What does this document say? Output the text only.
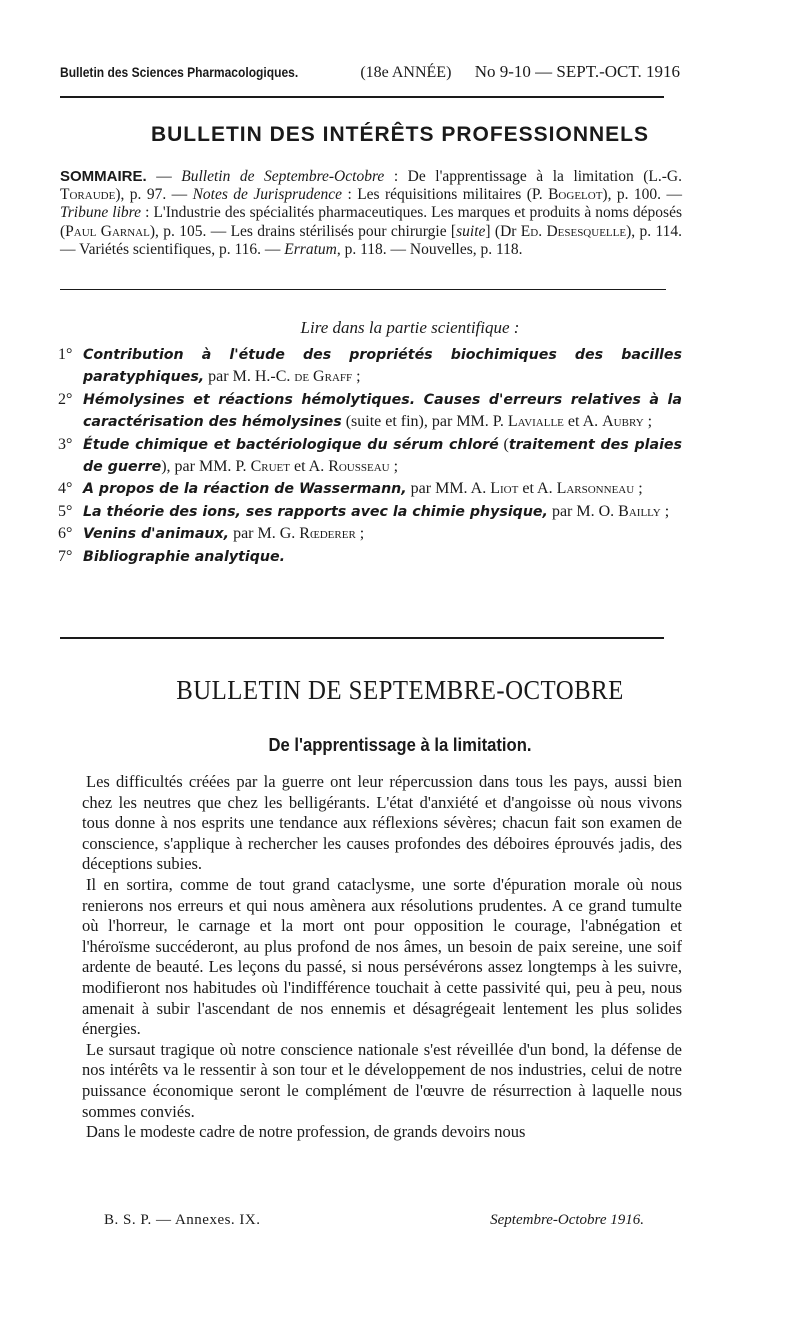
Bulletin des Sciences Pharmacologiques.	(18e ANNÉE) No 9-10 — SEPT.-OCT. 1916
BULLETIN DES INTÉRÊTS PROFESSIONNELS
SOMMAIRE. — Bulletin de Septembre-Octobre : De l'apprentissage à la limitation (L.-G. Toraude), p. 97. — Notes de Jurisprudence : Les réquisitions militaires (P. Bogelot), p. 100. — Tribune libre : L'Industrie des spécialités pharmaceutiques. Les marques et produits à noms déposés (Paul Garnal), p. 105. — Les drains stérilisés pour chirurgie [suite] (Dr Ed. Desesquelle), p. 114. — Variétés scientifiques, p. 116. — Erratum, p. 118. — Nouvelles, p. 118.
Lire dans la partie scientifique :
1° Contribution à l'étude des propriétés biochimiques des bacilles paratyphiques, par M. H.-C. de Graff ;
2° Hémolysines et réactions hémolytiques. Causes d'erreurs relatives à la caractérisation des hémolysines (suite et fin), par MM. P. Lavialle et A. Aubry ;
3° Étude chimique et bactériologique du sérum chloré (traitement des plaies de guerre), par MM. P. Cruet et A. Rousseau ;
4° A propos de la réaction de Wassermann, par MM. A. Liot et A. Larsonneau ;
5° La théorie des ions, ses rapports avec la chimie physique, par M. O. Bailly ;
6° Venins d'animaux, par M. G. Rœderer ;
7° Bibliographie analytique.
BULLETIN DE SEPTEMBRE-OCTOBRE
De l'apprentissage à la limitation.

Les difficultés créées par la guerre ont leur répercussion dans tous les pays, aussi bien chez les neutres que chez les belligérants. L'état d'anxiété et d'angoisse où nous vivons tous donne à nos esprits une tendance aux réflexions sévères; chacun fait son examen de conscience, s'applique à rechercher les causes profondes des déboires éprouvés jadis, des déceptions subies.

Il en sortira, comme de tout grand cataclysme, une sorte d'épuration morale où nous renierons nos erreurs et qui nous amènera aux résolutions prudentes. A ce grand tumulte où l'horreur, le carnage et la mort ont pour opposition le courage, l'abnégation et l'héroïsme succéderont, au plus profond de nos âmes, un besoin de paix sereine, une soif ardente de beauté. Les leçons du passé, si nous persévérons assez longtemps à les suivre, modifieront nos habitudes où l'indifférence touchait à cette passivité qui, peu à peu, nous amenait à subir l'ascendant de nos ennemis et désagrégeait lentement les plus solides énergies.

Le sursaut tragique où notre conscience nationale s'est réveillée d'un bond, la défense de nos intérêts va le ressentir à son tour et le développement de nos industries, celui de notre puissance économique seront le complément de l'œuvre de résurrection à laquelle nous sommes conviés.

Dans le modeste cadre de notre profession, de grands devoirs nous

B. S. P. — Annexes. IX.	Septembre-Octobre 1916.
